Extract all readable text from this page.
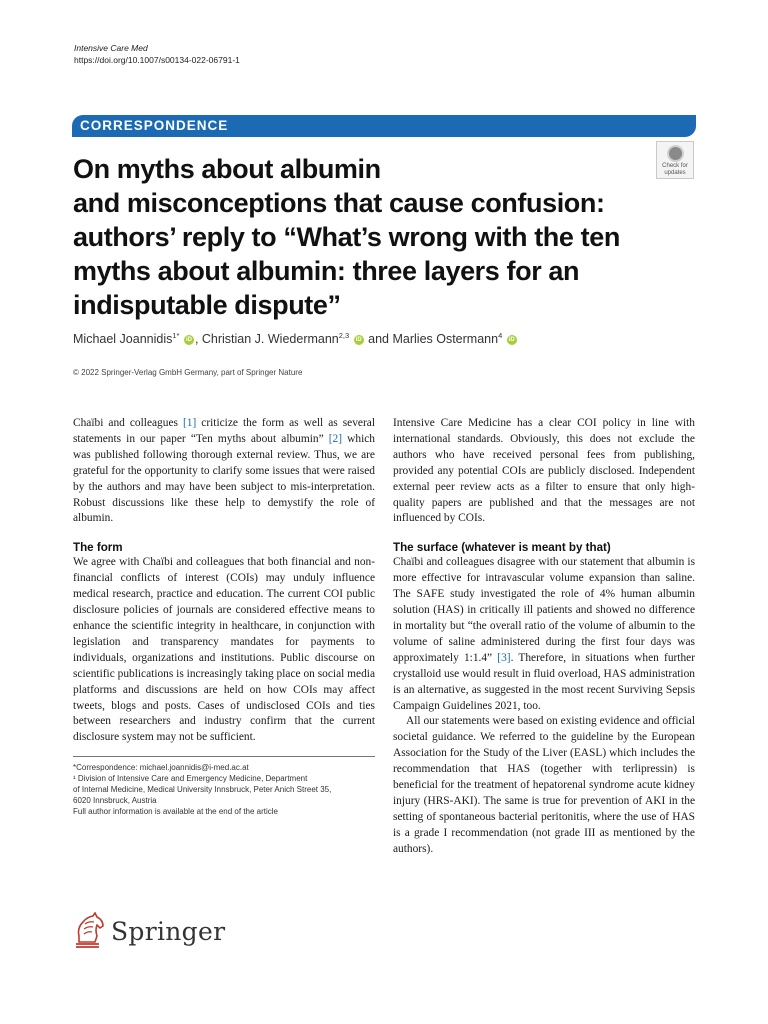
Intensive Care Med
https://doi.org/10.1007/s00134-022-06791-1
CORRESPONDENCE
Check for
updates
On myths about albumin
and misconceptions that cause confusion:
authors’ reply to “What’s wrong with the ten
myths about albumin: three layers for an
indisputable dispute”
Michael Joannidis$^{1*}$ iD , Christian J. Wiedermann$^{2,3}$ iD and Marlies Ostermann$^4$ iD
© 2022 Springer-Verlag GmbH Germany, part of Springer Nature

Chaïbi and colleagues [1] criticize the form as well as several statements in our paper “Ten myths about albumin” [2] which was published following thorough external review. Thus, we are grateful for the opportunity to clarify some issues that were raised by the authors and may have been subject to mis-interpretation. Robust discussions like these help to demystify the role of albumin.

The form

We agree with Chaïbi and colleagues that both financial and non-financial conflicts of interest (COIs) may unduly influence medical research, practice and education. The current COI public disclosure policies of journals are considered effective means to enhance the scientific integrity in healthcare, in conjunction with legislation and transparency mandates for payments to individuals, organizations and institutions. Public discourse on scientific publications is increasingly taking place on social media platforms and discussions are held on how COIs may affect tweets, blogs and posts. Cases of undisclosed COIs and ties between researchers and industry confirm that the current disclosure system may not be sufficient.

*Correspondence: michael.joannidis@i-med.ac.at
¹ Division of Intensive Care and Emergency Medicine, Department
of Internal Medicine, Medical University Innsbruck, Peter Anich Street 35,
6020 Innsbruck, Austria
Full author information is available at the end of the article

Intensive Care Medicine has a clear COI policy in line with international standards. Obviously, this does not exclude the authors who have received personal fees from publishing, provided any potential COIs are publicly disclosed. Independent external peer review acts as a filter to ensure that only high-quality papers are published and that the messages are not influenced by COIs.

The surface (whatever is meant by that)

Chaïbi and colleagues disagree with our statement that albumin is more effective for intravascular volume expansion than saline. The SAFE study investigated the role of 4% human albumin solution (HAS) in critically ill patients and showed no difference in mortality but “the overall ratio of the volume of albumin to the volume of saline administered during the first four days was approximately 1:1.4” [3]. Therefore, in situations when further crystalloid use would result in fluid overload, HAS administration is an alternative, as suggested in the most recent Surviving Sepsis Campaign Guidelines 2021, too.

All our statements were based on existing evidence and official societal guidance. We referred to the guideline by the European Association for the Study of the Liver (EASL) which includes the recommendation that HAS (together with terlipressin) is beneficial for the treatment of hepatorenal syndrome acute kidney injury (HRS-AKI). The same is true for prevention of AKI in the setting of spontaneous bacterial peritonitis, where the use of HAS is a grade I recommendation (not grade III as mentioned by the authors).

Springer
